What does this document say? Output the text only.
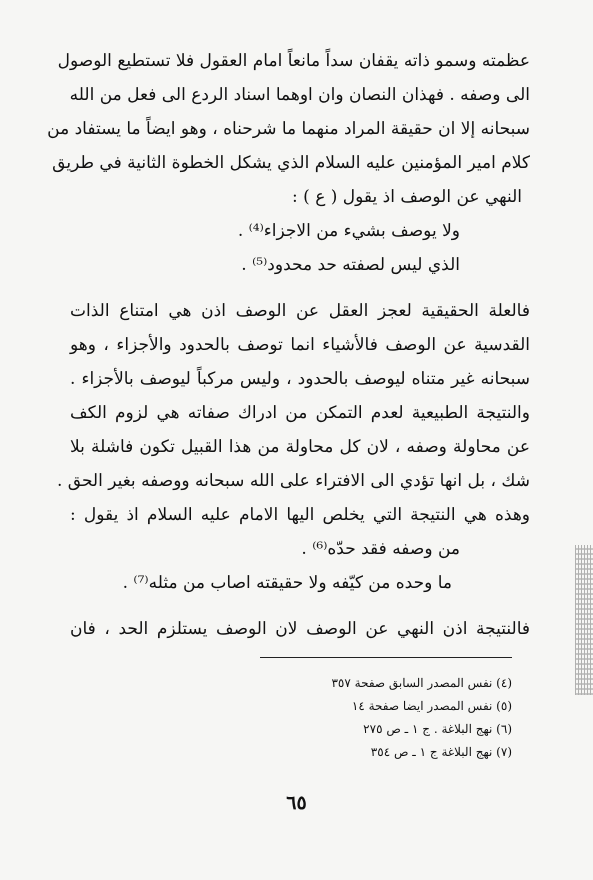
عظمته وسمو ذاته يقفان سداً مانعاً امام العقول فلا تستطيع الوصول
الى وصفه . فهذان النصان وان اوهما اسناد الردع الى فعل من الله
سبحانه إلا ان حقيقة المراد منهما ما شرحناه ، وهو ايضاً ما يستفاد من
كلام امير المؤمنين عليه السلام الذي يشكل الخطوة الثانية في طريق
النهي عن الوصف اذ يقول ( ع ) :

ولا يوصف بشيء من الاجزاء⁽⁴⁾ .
الذي ليس لصفته حد محدود⁽⁵⁾ .

فالعلة الحقيقية لعجز العقل عن الوصف اذن هي امتناع الذات
القدسية عن الوصف فالأشياء انما توصف بالحدود والأجزاء ، وهو
سبحانه غير متناه ليوصف بالحدود ، وليس مركباً ليوصف بالأجزاء .
والنتيجة الطبيعية لعدم التمكن من ادراك صفاته هي لزوم الكف
عن محاولة وصفه ، لان كل محاولة من هذا القبيل تكون فاشلة بلا
شك ، بل انها تؤدي الى الافتراء على الله سبحانه ووصفه بغير الحق .
وهذه هي النتيجة التي يخلص اليها الامام عليه السلام اذ يقول :

من وصفه فقد حدّه⁽⁶⁾ .
ما وحده من كيّفه ولا حقيقته اصاب من مثله⁽⁷⁾ .

فالنتيجة اذن النهي عن الوصف لان الوصف يستلزم الحد ، فان

(٤) نفس المصدر السابق صفحة ٣٥٧
(٥) نفس المصدر ايضا صفحة ١٤
(٦) نهج البلاغة . ج ١ ـ ص ٢٧٥
(٧) نهج البلاغة ج ١ ـ ص ٣٥٤
٦٥
